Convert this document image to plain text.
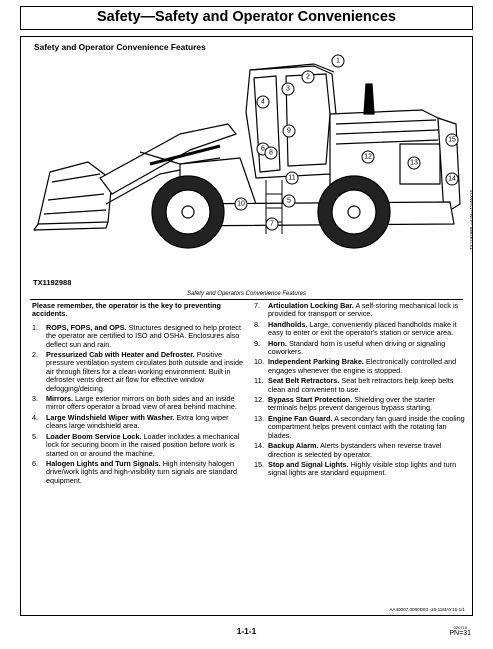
Safety—Safety and Operator Conveniences
Safety and Operator Convenience Features
1
2
3
4
5
6
7
8
9
10
11
12
13
14
15
TX1192988
TX1192988 —UN—11MAY15
Safety and Operators Convenience Features
Please remember, the operator is the key to preventing accidents.
1. ROPS, FOPS, and OPS. Structures designed to help protect the operator are certified to ISO and OSHA. Enclosures also deflect sun and rain.
2. Pressurized Cab with Heater and Defroster. Positive pressure ventilation system circulates both outside and inside air through filters for a clean working environment. Built in defroster vents direct air flow for effective window defogging/deicing.
3. Mirrors. Large exterior mirrors on both sides and an inside mirror offers operator a broad view of area behind machine.
4. Large Windshield Wiper with Washer. Extra long wiper cleans large windshield area.
5. Loader Boom Service Lock. Loader includes a mechanical lock for securing boom in the raised position before work is started on or around the machine.
6. Halogen Lights and Turn Signals. High intensity halogen drive/work lights and high-visibility turn signals are standard equipment.
7. Articulation Locking Bar. A self-storing mechanical lock is provided for transport or service.
8. Handholds. Large, conveniently placed handholds make it easy to enter or exit the operator's station or service area.
9. Horn. Standard horn is useful when driving or signaling coworkers.
10. Independent Parking Brake. Electronically controlled and engages whenever the engine is stopped.
11. Seat Belt Retractors. Seat belt retractors help keep belts clean and convenient to use.
12. Bypass Start Protection. Shielding over the starter terminals helps prevent dangerous bypass starting.
13. Engine Fan Guard. A secondary fan guard inside the cooling compartment helps prevent contact with the rotating fan blades.
14. Backup Alarm. Alerts bystanders when reverse travel direction is selected by operator.
15. Stop and Signal Lights. Highly visible stop lights and turn signal lights are standard equipment.
AA40007,0000D93 -19-11MAY15-1/1
1-1-1	020715
PN=31
